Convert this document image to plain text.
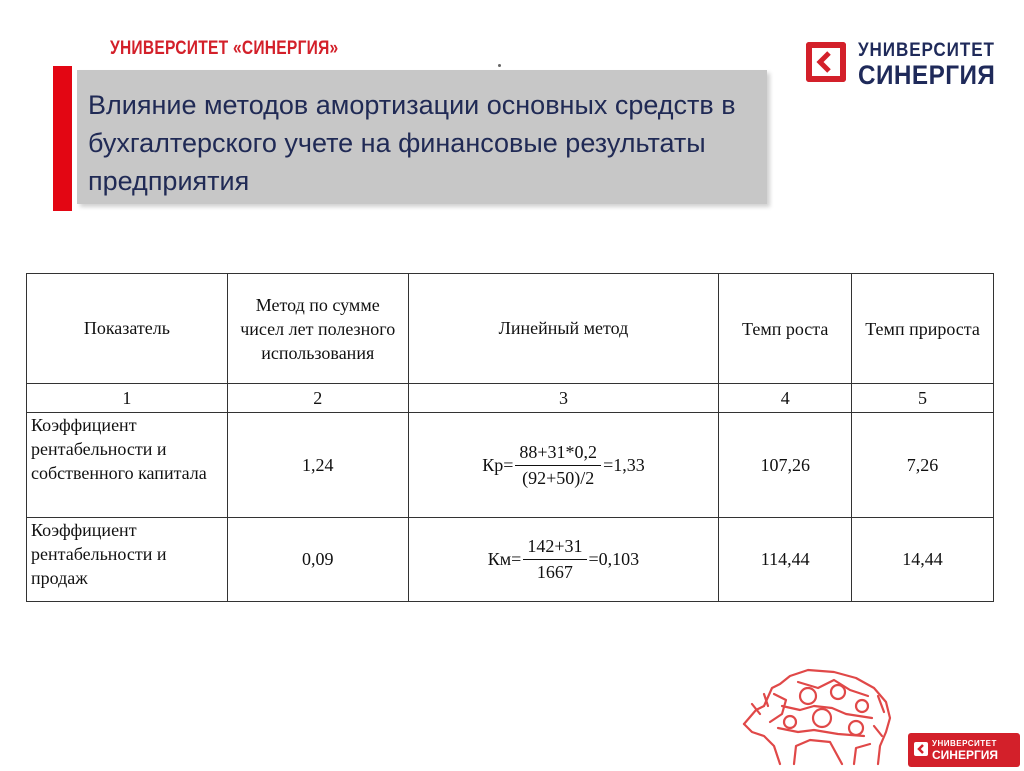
УНИВЕРСИТЕТ «СИНЕРГИЯ»	УНИВЕРСИТЕТ
СИНЕРГИЯ
Влияние методов амортизации основных средств в бухгалтерского учете на финансовые результаты предприятия
Показатель	Метод по сумме чисел лет полезного использования	Линейный метод	Темп роста	Темп прироста
1	2	3	4	5
Коэффициент рентабельности и собственного капитала	1,24	$Кр= \frac{88+31*0,2}{(92+50)/2} =1,33$	107,26	7,26
Коэффициент рентабельности и продаж	0,09	$Км= \frac{142+31}{1667} =0,103$	114,44	14,44
УНИВЕРСИТЕТ
СИНЕРГИЯ
